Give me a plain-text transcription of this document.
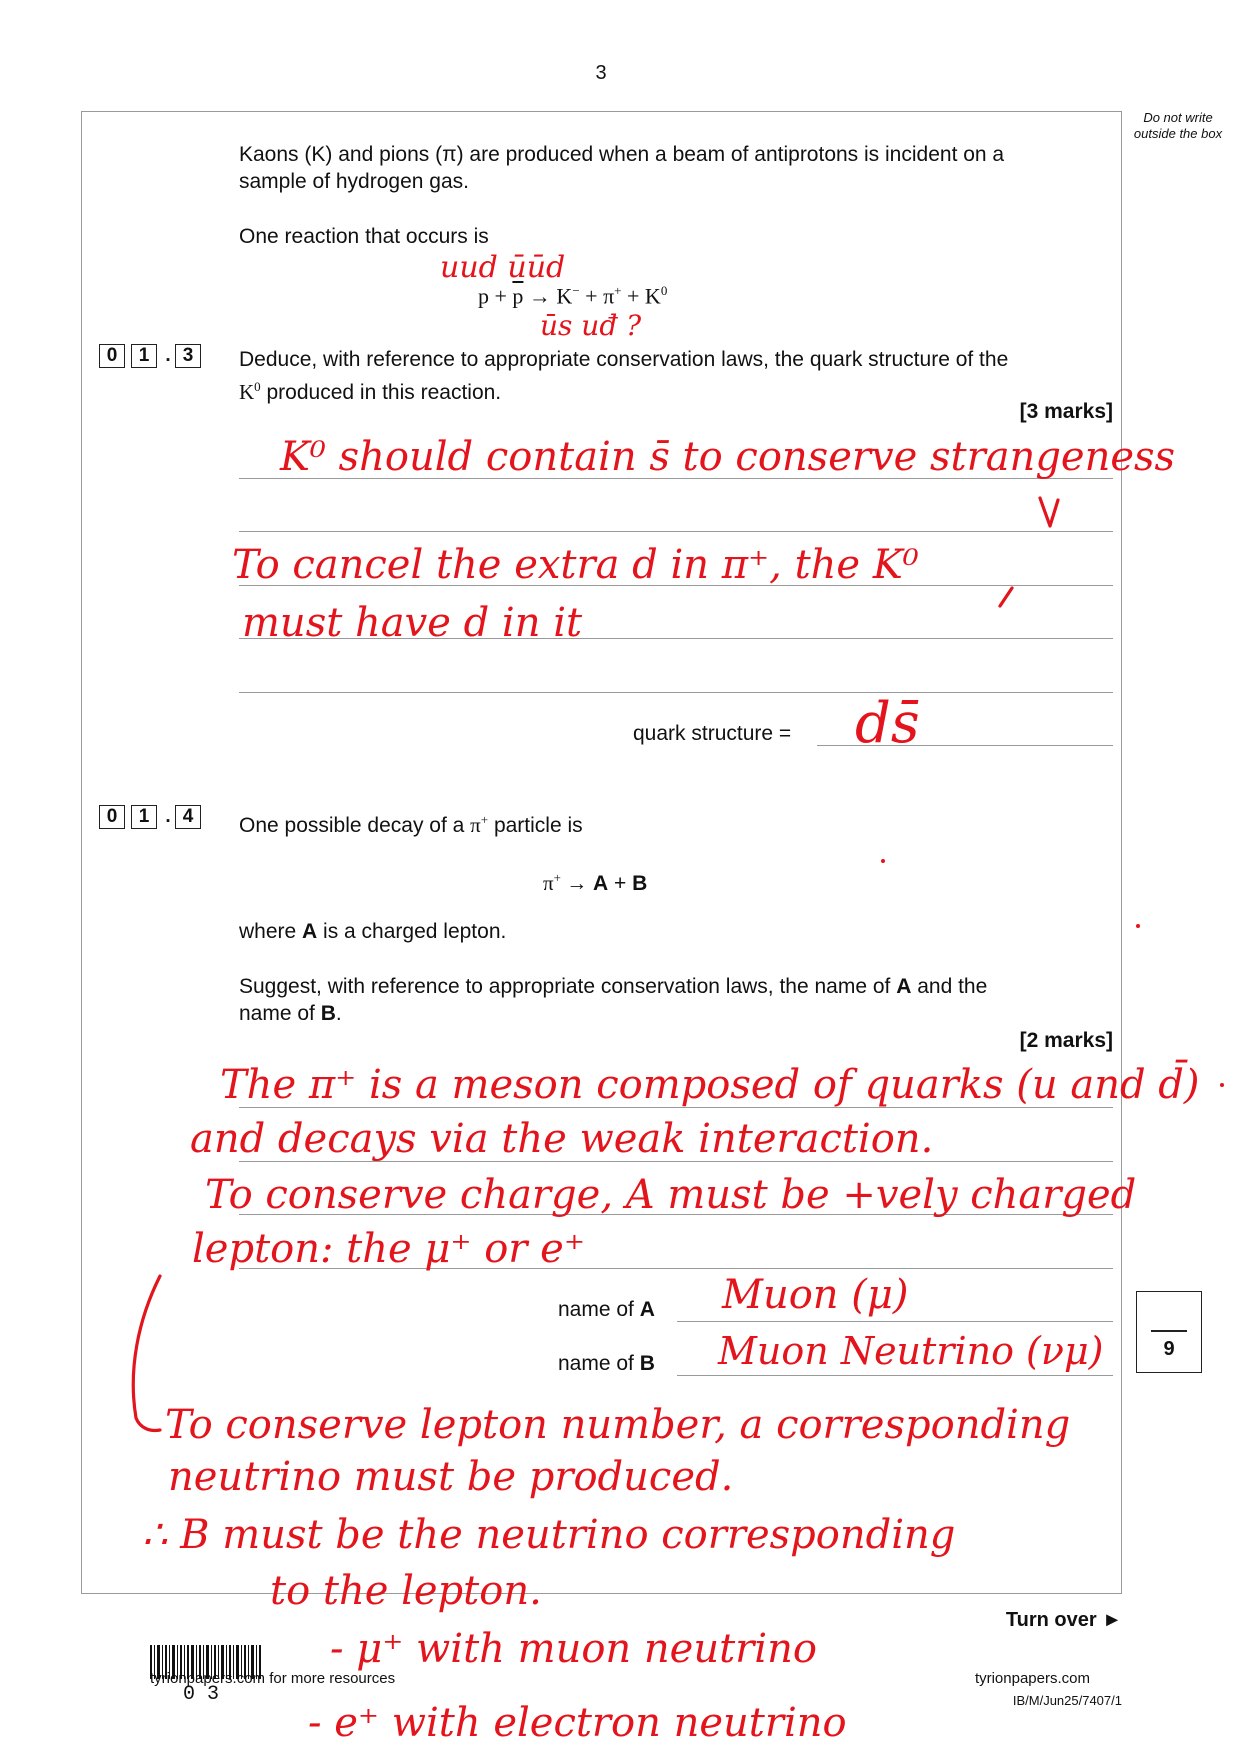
3
Do not write outside the box
Kaons (K) and pions (π) are produced when a beam of antiprotons is incident on a
sample of hydrogen gas.
One reaction that occurs is
$p + \overline{p} \to K^- + \pi^+ + K^0$
0	1 . 3	Deduce, with reference to appropriate conservation laws, the quark structure of the
$K^0$ produced in this reaction.
[3 marks]
quark structure =
0	1 . 4	One possible decay of a π+ particle is
π+ → A + B
where A is a charged lepton.
Suggest, with reference to appropriate conservation laws, the name of A and the
name of B.
[2 marks]
name of A
name of B
9
Turn over ►
0 3
tyrionpapers.com for more resources	tyrionpapers.com
IB/M/Jun25/7407/1
uud ūūd
ūs uđ ?
K⁰ should contain s̄ to conserve strangeness
To cancel the extra d in π⁺, the K⁰
must have d in it
ds̄
The π⁺ is a meson composed of quarks (u and d̄)
and decays via the weak interaction.
To conserve charge, A must be +vely charged
lepton: the μ⁺ or e⁺
Muon (μ)
Muon Neutrino (νμ)
To conserve lepton number, a corresponding
neutrino must be produced.
∴ B must be the neutrino corresponding
to the lepton.
- μ⁺ with muon neutrino
- e⁺ with electron neutrino
